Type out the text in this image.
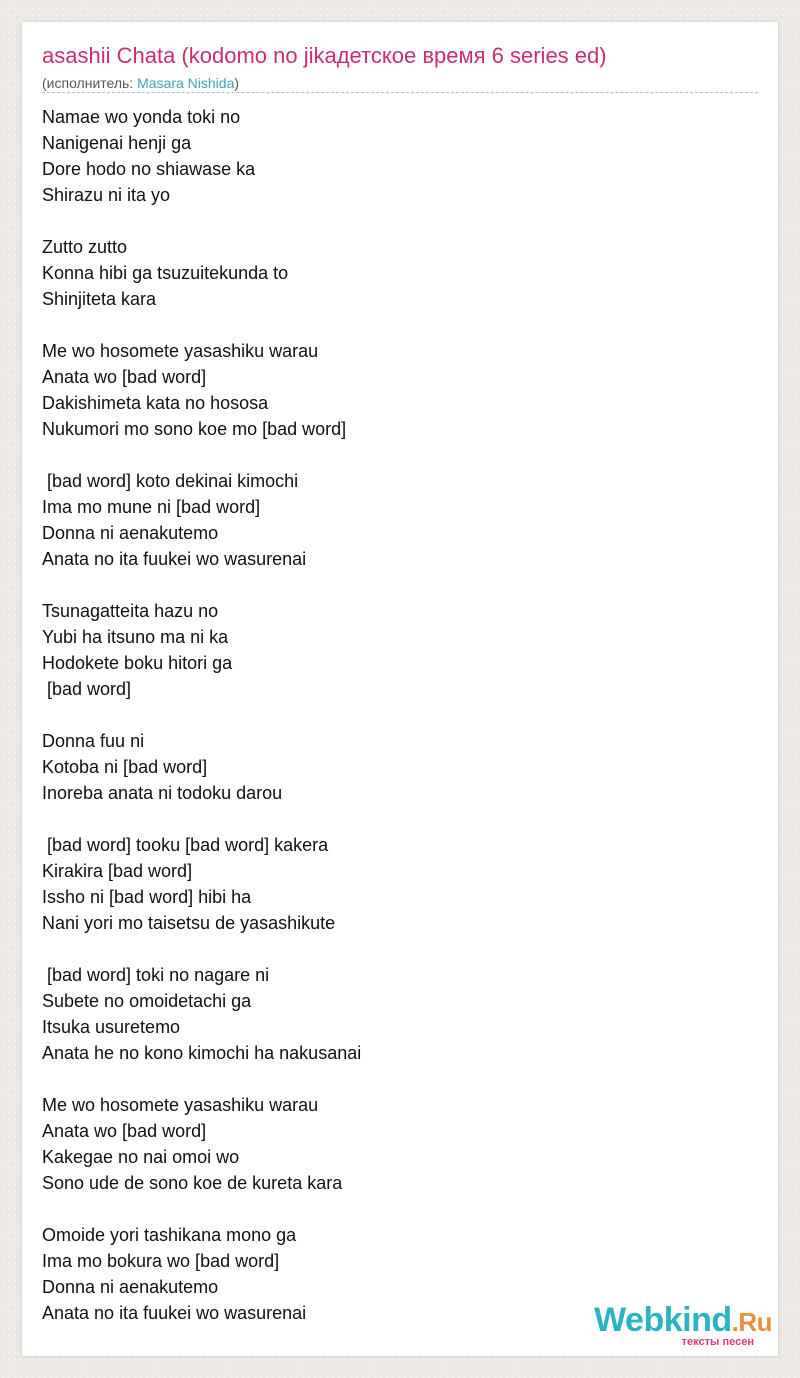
asashii Chata (kodomo no jikaдетское время 6 series ed)
(исполнитель: Masara Nishida)
Namae wo yonda toki no
Nanigenai henji ga
Dore hodo no shiawase ka
Shirazu ni ita yo
Zutto zutto
Konna hibi ga tsuzuitekunda to
Shinjiteta kara
Me wo hosomete yasashiku warau
Anata wo [bad word]
Dakishimeta kata no hososa
Nukumori mo sono koe mo [bad word]
[bad word] koto dekinai kimochi
Ima mo mune ni [bad word]
Donna ni aenakutemo
Anata no ita fuukei wo wasurenai
Tsunagatteita hazu no
Yubi ha itsuno ma ni ka
Hodokete boku hitori ga
[bad word]
Donna fuu ni
Kotoba ni [bad word]
Inoreba anata ni todoku darou
[bad word] tooku [bad word] kakera
Kirakira [bad word]
Issho ni [bad word] hibi ha
Nani yori mo taisetsu de yasashikute
[bad word] toki no nagare ni
Subete no omoidetachi ga
Itsuka usuretemo
Anata he no kono kimochi ha nakusanai
Me wo hosomete yasashiku warau
Anata wo [bad word]
Kakegae no nai omoi wo
Sono ude de sono koe de kureta kara
Omoide yori tashikana mono ga
Ima mo bokura wo [bad word]
Donna ni aenakutemo
Anata no ita fuukei wo wasurenai	Webkind.Ru
тексты песен
